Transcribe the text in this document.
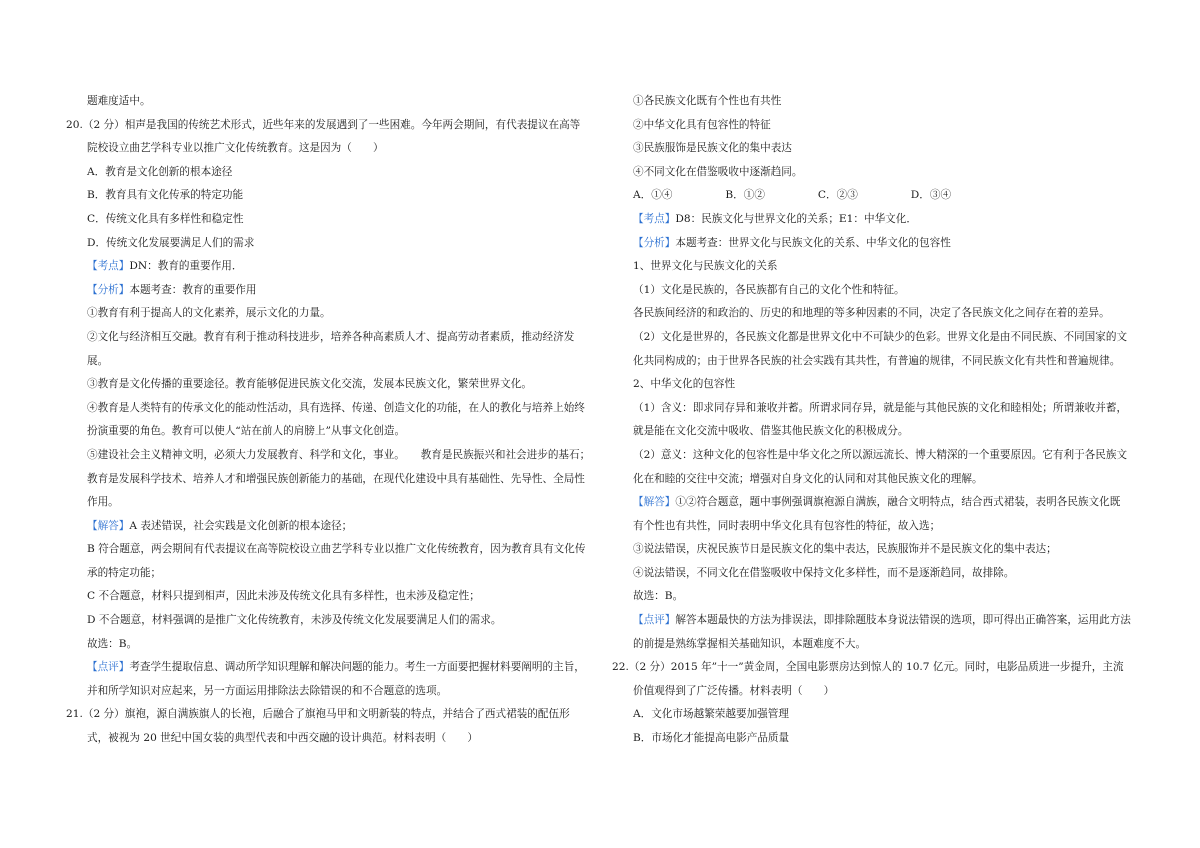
题难度适中。
20.（2 分）相声是我国的传统艺术形式，近些年来的发展遇到了一些困难。今年两会期间，有代表提议在高等
院校设立曲艺学科专业以推广文化传统教育。这是因为（　　）
A．教育是文化创新的根本途径
B．教育具有文化传承的特定功能
C．传统文化具有多样性和稳定性
D．传统文化发展要满足人们的需求
【考点】DN：教育的重要作用．
【分析】本题考查：教育的重要作用
①教育有利于提高人的文化素养，展示文化的力量。
②文化与经济相互交融。教育有利于推动科技进步，培养各种高素质人才、提高劳动者素质，推动经济发
展。
③教育是文化传播的重要途径。教育能够促进民族文化交流，发展本民族文化，繁荣世界文化。
④教育是人类特有的传承文化的能动性活动，具有选择、传递、创造文化的功能，在人的教化与培养上始终
扮演重要的角色。教育可以使人“站在前人的肩膀上”从事文化创造。
⑤建设社会主义精神文明，必须大力发展教育、科学和文化，事业。　　教育是民族振兴和社会进步的基石；
教育是发展科学技术、培养人才和增强民族创新能力的基础，在现代化建设中具有基础性、先导性、全局性
作用。
【解答】A 表述错误，社会实践是文化创新的根本途径；
B 符合题意，两会期间有代表提议在高等院校设立曲艺学科专业以推广文化传统教育，因为教育具有文化传
承的特定功能；
C 不合题意，材料只提到相声，因此未涉及传统文化具有多样性，也未涉及稳定性；
D 不合题意，材料强调的是推广文化传统教育，未涉及传统文化发展要满足人们的需求。
故选：B。
【点评】考查学生提取信息、调动所学知识理解和解决问题的能力。考生一方面要把握材料要阐明的主旨，
并和所学知识对应起来，另一方面运用排除法去除错误的和不合题意的选项。
21.（2 分）旗袍，源自满族旗人的长袍，后融合了旗袍马甲和文明新装的特点，并结合了西式裙装的配伍形
式，被视为 20 世纪中国女装的典型代表和中西交融的设计典范。材料表明（　　）
①各民族文化既有个性也有共性
②中华文化具有包容性的特征
③民族服饰是民族文化的集中表达
④不同文化在借鉴吸收中逐渐趋同。
A．①④　　　　　B．①②　　　　　C．②③　　　　　D．③④
【考点】D8：民族文化与世界文化的关系；E1：中华文化．
【分析】本题考查：世界文化与民族文化的关系、中华文化的包容性
1、世界文化与民族文化的关系
（1）文化是民族的，各民族都有自己的文化个性和特征。
各民族间经济的和政治的、历史的和地理的等多种因素的不同，决定了各民族文化之间存在着的差异。
（2）文化是世界的，各民族文化都是世界文化中不可缺少的色彩。世界文化是由不同民族、不同国家的文
化共同构成的；由于世界各民族的社会实践有其共性，有普遍的规律，不同民族文化有共性和普遍规律。
2、中华文化的包容性
（1）含义：即求同存异和兼收并蓄。所谓求同存异，就是能与其他民族的文化和睦相处；所谓兼收并蓄，
就是能在文化交流中吸收、借鉴其他民族文化的积极成分。
（2）意义：这种文化的包容性是中华文化之所以源远流长、博大精深的一个重要原因。它有利于各民族文
化在和睦的交往中交流；增强对自身文化的认同和对其他民族文化的理解。
【解答】①②符合题意，题中事例强调旗袍源自满族，融合文明特点，结合西式裙装，表明各民族文化既
有个性也有共性，同时表明中华文化具有包容性的特征，故入选；
③说法错误，庆祝民族节日是民族文化的集中表达，民族服饰并不是民族文化的集中表达；
④说法错误，不同文化在借鉴吸收中保持文化多样性，而不是逐渐趋同，故排除。
故选：B。
【点评】解答本题最快的方法为排误法，即排除题肢本身说法错误的选项，即可得出正确答案，运用此方法
的前提是熟练掌握相关基础知识，本题难度不大。
22.（2 分）2015 年”十一”黄金周，全国电影票房达到惊人的 10.7 亿元。同时，电影品质进一步提升，主流
价值观得到了广泛传播。材料表明（　　）
A．文化市场越繁荣越要加强管理
B．市场化才能提高电影产品质量
